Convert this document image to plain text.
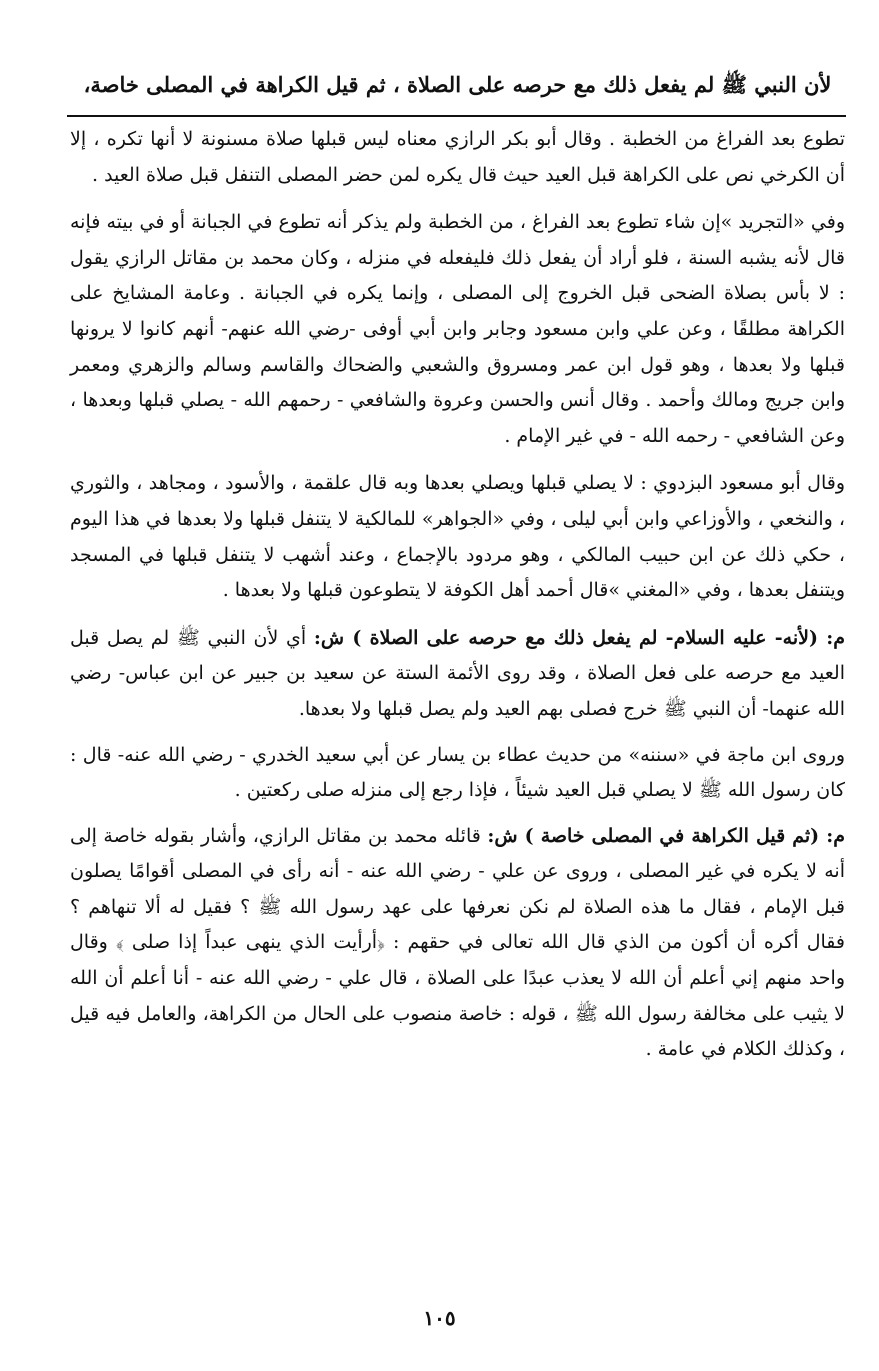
لأن النبي ﷺ لم يفعل ذلك مع حرصه على الصلاة ، ثم قيل الكراهة في المصلى خاصة،

تطوع بعد الفراغ من الخطبة . وقال أبو بكر الرازي معناه ليس قبلها صلاة مسنونة لا أنها تكره ، إلا أن الكرخي نص على الكراهة قبل العيد حيث قال يكره لمن حضر المصلى التنفل قبل صلاة العيد .

وفي «التجريد »إن شاء تطوع بعد الفراغ ، من الخطبة ولم يذكر أنه تطوع في الجبانة أو في بيته فإنه قال لأنه يشبه السنة ، فلو أراد أن يفعل ذلك فليفعله في منزله ، وكان محمد بن مقاتل الرازي يقول : لا بأس بصلاة الضحى قبل الخروج إلى المصلى ، وإنما يكره في الجبانة . وعامة المشايخ على الكراهة مطلقًا ، وعن علي وابن مسعود وجابر وابن أبي أوفى -رضي الله عنهم- أنهم كانوا لا يرونها قبلها ولا بعدها ، وهو قول ابن عمر ومسروق والشعبي والضحاك والقاسم وسالم والزهري ومعمر وابن جريج ومالك وأحمد . وقال أنس والحسن وعروة والشافعي - رحمهم الله - يصلي قبلها وبعدها ، وعن الشافعي - رحمه الله - في غير الإمام .

وقال أبو مسعود البزدوي : لا يصلي قبلها ويصلي بعدها وبه قال علقمة ، والأسود ، ومجاهد ، والثوري ، والنخعي ، والأوزاعي وابن أبي ليلى ، وفي «الجواهر» للمالكية لا يتنفل قبلها ولا بعدها في هذا اليوم ، حكي ذلك عن ابن حبيب المالكي ، وهو مردود بالإجماع ، وعند أشهب لا يتنفل قبلها في المسجد ويتنفل بعدها ، وفي «المغني »قال أحمد أهل الكوفة لا يتطوعون قبلها ولا بعدها .

م: (لأنه- عليه السلام- لم يفعل ذلك مع حرصه على الصلاة ) ش: أي لأن النبي ﷺ لم يصل قبل العيد مع حرصه على فعل الصلاة ، وقد روى الأئمة الستة عن سعيد بن جبير عن ابن عباس- رضي الله عنهما- أن النبي ﷺ خرج فصلى بهم العيد ولم يصل قبلها ولا بعدها.

وروى ابن ماجة في «سننه» من حديث عطاء بن يسار عن أبي سعيد الخدري - رضي الله عنه- قال : كان رسول الله ﷺ لا يصلي قبل العيد شيئاً ، فإذا رجع إلى منزله صلى ركعتين .

م: (ثم قيل الكراهة في المصلى خاصة ) ش: قائله محمد بن مقاتل الرازي، وأشار بقوله خاصة إلى أنه لا يكره في غير المصلى ، وروى عن علي - رضي الله عنه - أنه رأى في المصلى أقوامًا يصلون قبل الإمام ، فقال ما هذه الصلاة لم نكن نعرفها على عهد رسول الله ﷺ ؟ فقيل له ألا تنهاهم ؟ فقال أكره أن أكون من الذي قال الله تعالى في حقهم : ﴿أرأيت الذي ينهى عبداً إذا صلى ﴾ وقال واحد منهم إني أعلم أن الله لا يعذب عبدًا على الصلاة ، قال علي - رضي الله عنه - أنا أعلم أن الله لا يثيب على مخالفة رسول الله ﷺ ، قوله : خاصة منصوب على الحال من الكراهة، والعامل فيه قيل ، وكذلك الكلام في عامة .

١٠٥
